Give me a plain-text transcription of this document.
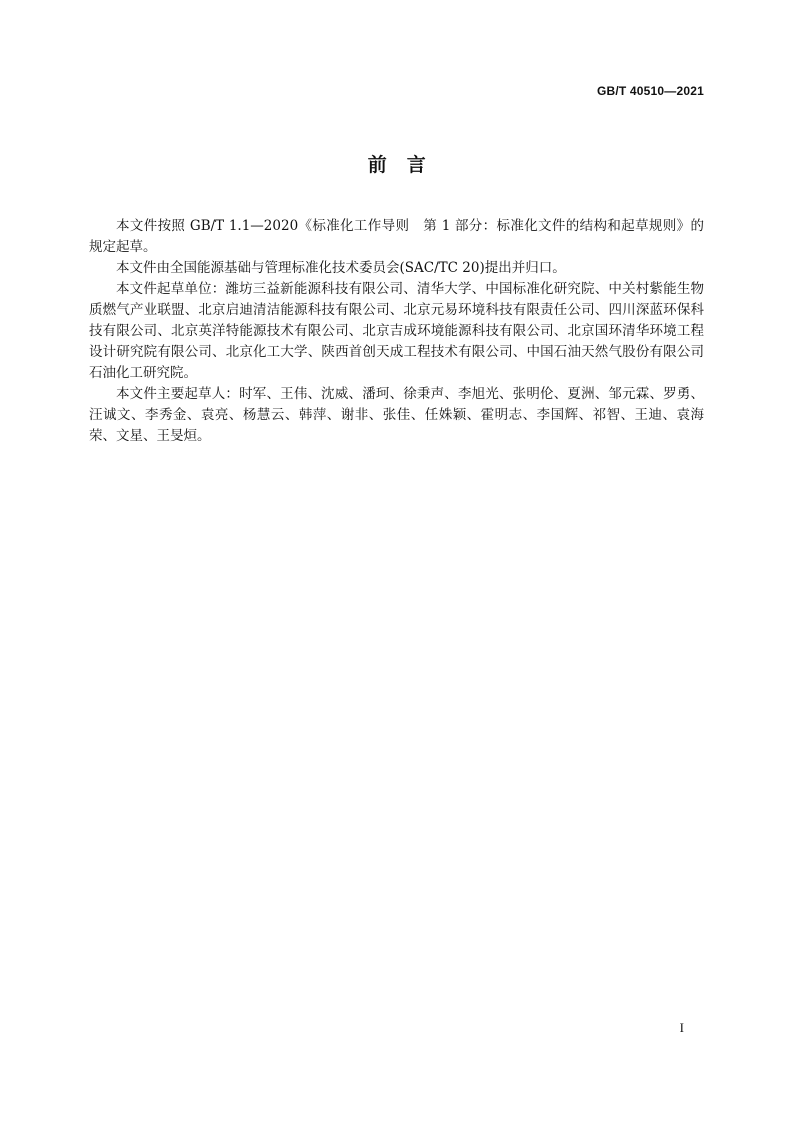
GB/T 40510—2021
前　言

本文件按照 GB/T 1.1—2020《标准化工作导则　第 1 部分：标准化文件的结构和起草规则》的规定起草。

本文件由全国能源基础与管理标准化技术委员会(SAC/TC 20)提出并归口。

本文件起草单位：潍坊三益新能源科技有限公司、清华大学、中国标准化研究院、中关村紫能生物质燃气产业联盟、北京启迪清洁能源科技有限公司、北京元易环境科技有限责任公司、四川深蓝环保科技有限公司、北京英洋特能源技术有限公司、北京吉成环境能源科技有限公司、北京国环清华环境工程设计研究院有限公司、北京化工大学、陕西首创天成工程技术有限公司、中国石油天然气股份有限公司石油化工研究院。

本文件主要起草人：时军、王伟、沈威、潘珂、徐秉声、李旭光、张明伦、夏洲、邹元霖、罗勇、汪诚文、李秀金、袁亮、杨慧云、韩萍、谢非、张佳、任姝颖、霍明志、李国辉、祁智、王迪、袁海荣、文星、王旻烜。

I
